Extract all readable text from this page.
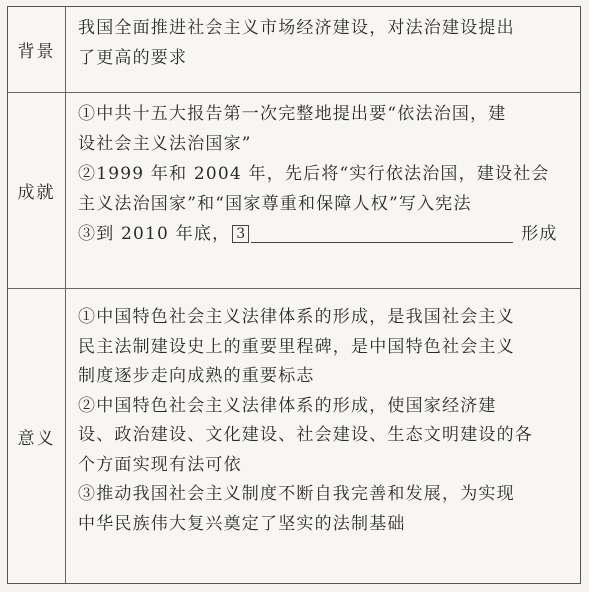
背景
我国全面推进社会主义市场经济建设，对法治建设提出
了更高的要求
成就
①中共十五大报告第一次完整地提出要“依法治国，建
设社会主义法治国家”
②1999 年和 2004 年，先后将“实行依法治国，建设社会
主义法治国家”和“国家尊重和保障人权”写入宪法
③到 2010 年底， 3	形成
意义
①中国特色社会主义法律体系的形成，是我国社会主义
民主法制建设史上的重要里程碑，是中国特色社会主义
制度逐步走向成熟的重要标志
②中国特色社会主义法律体系的形成，使国家经济建
设、政治建设、文化建设、社会建设、生态文明建设的各
个方面实现有法可依
③推动我国社会主义制度不断自我完善和发展，为实现
中华民族伟大复兴奠定了坚实的法制基础
